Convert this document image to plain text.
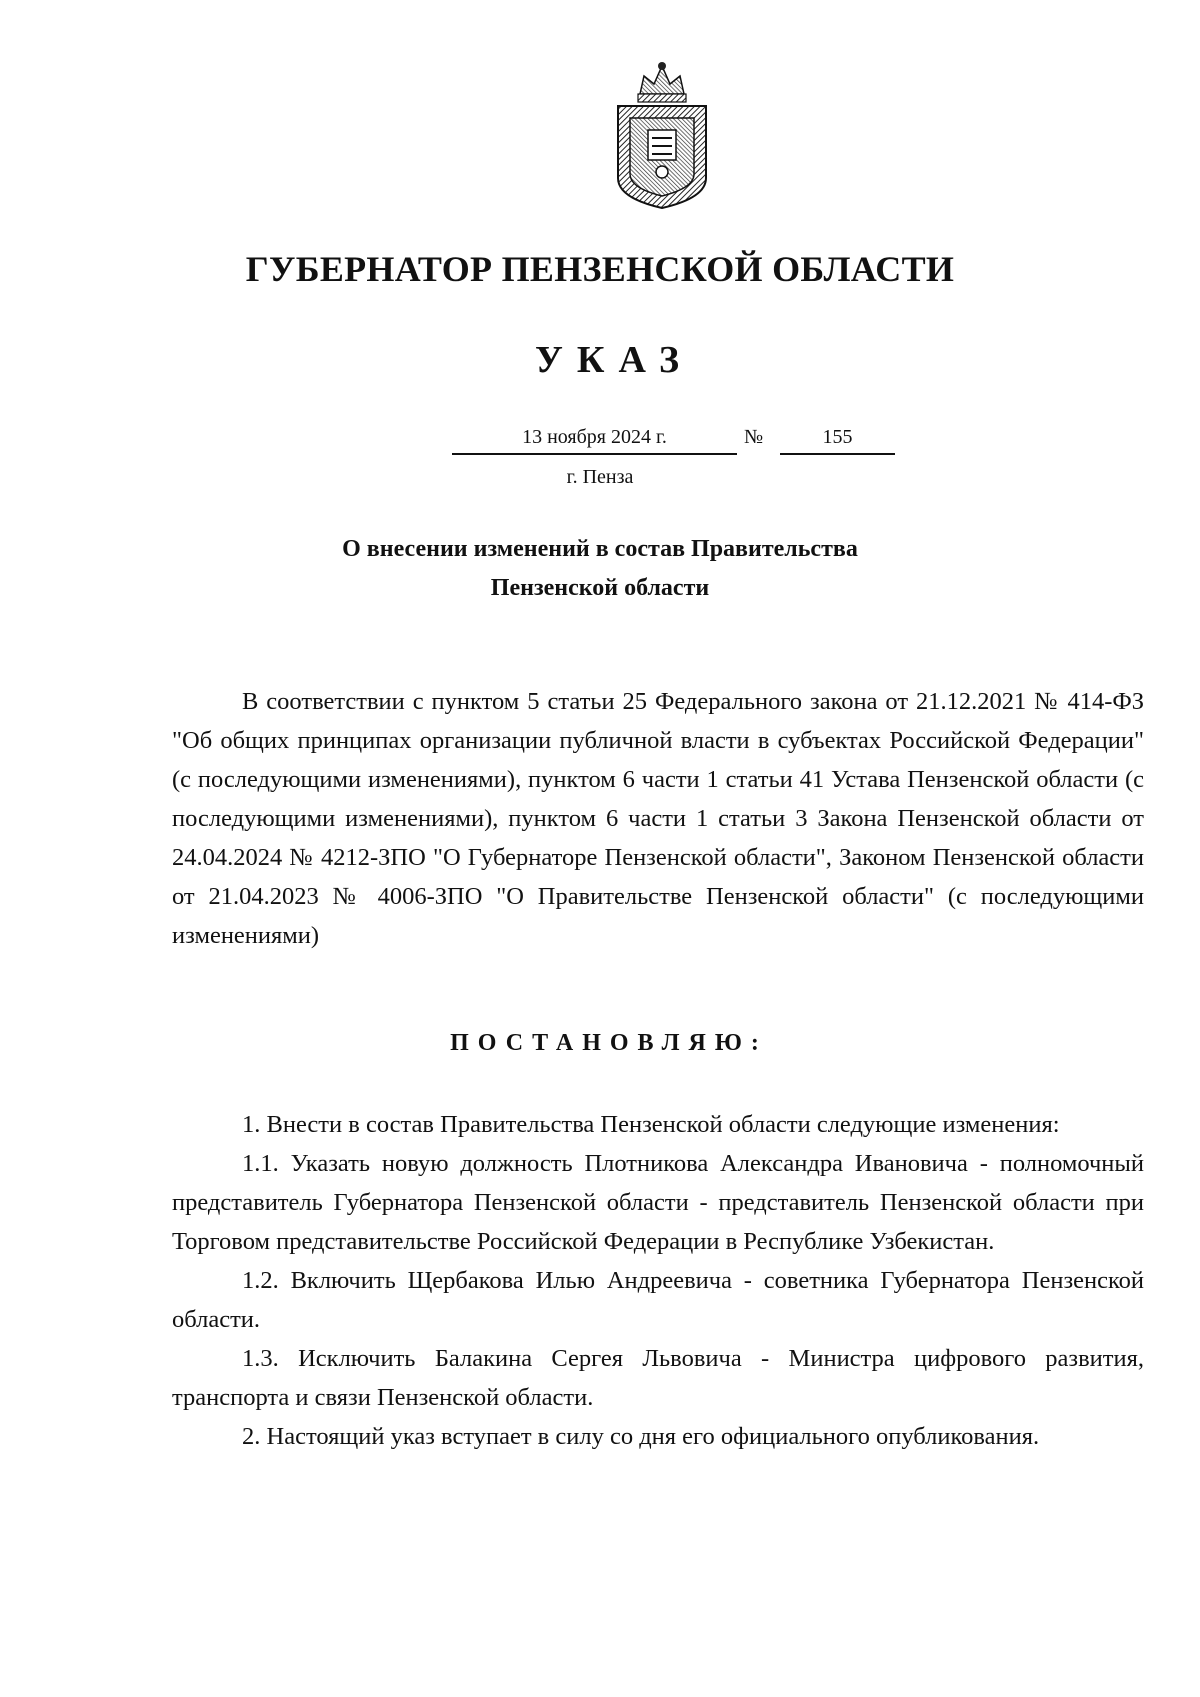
ГУБЕРНАТОР ПЕНЗЕНСКОЙ ОБЛАСТИ
УКАЗ
13 ноября 2024 г.	№	155
г. Пенза
О внесении изменений в состав Правительства
Пензенской области

В соответствии с пунктом 5 статьи 25 Федерального закона от 21.12.2021 № 414-ФЗ "Об общих принципах организации публичной власти в субъектах Российской Федерации" (с последующими изменениями), пунктом 6 части 1 статьи 41 Устава Пензенской области (с последующими изменениями), пунктом 6 части 1 статьи 3 Закона Пензенской области от 24.04.2024 № 4212-ЗПО "О Губернаторе Пензенской области", Законом Пензенской области от 21.04.2023 № 4006-ЗПО "О Правительстве Пензенской области" (с последующими изменениями)

ПОСТАНОВЛЯЮ:

1. Внести в состав Правительства Пензенской области следующие изменения:

1.1. Указать новую должность Плотникова Александра Ивановича - полномочный представитель Губернатора Пензенской области - представитель Пензенской области при Торговом представительстве Российской Федерации в Республике Узбекистан.

1.2. Включить Щербакова Илью Андреевича - советника Губернатора Пензенской области.

1.3. Исключить Балакина Сергея Львовича - Министра цифрового развития, транспорта и связи Пензенской области.

2. Настоящий указ вступает в силу со дня его официального опубликования.
